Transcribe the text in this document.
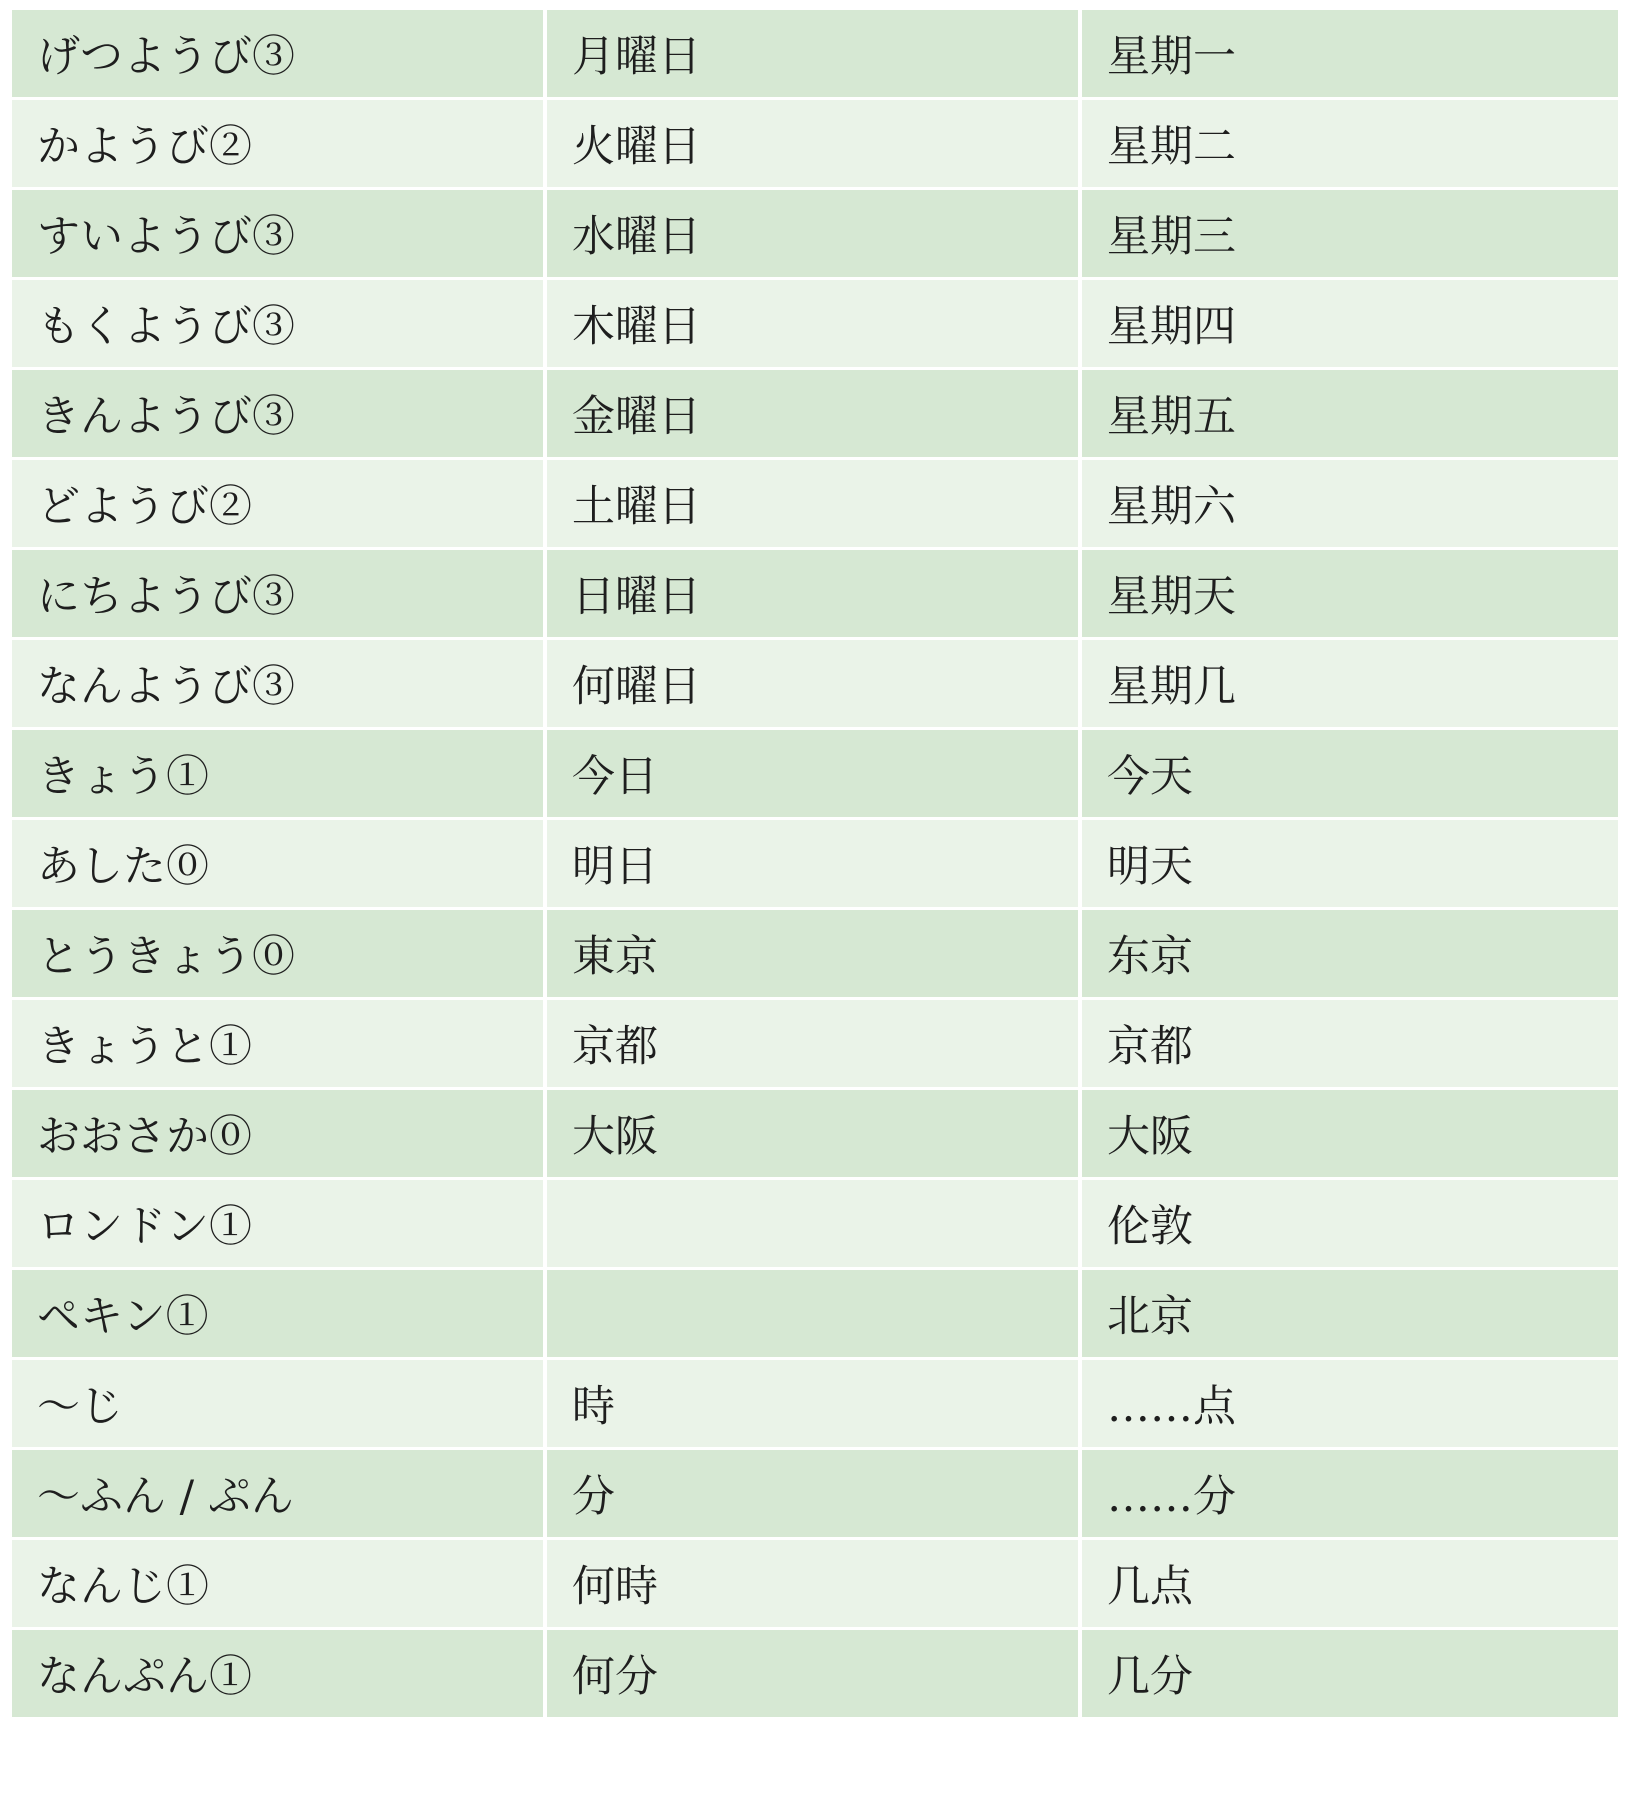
げつようび③	月曜日	星期一
かようび②	火曜日	星期二
すいようび③	水曜日	星期三
もくようび③	木曜日	星期四
きんようび③	金曜日	星期五
どようび②	土曜日	星期六
にちようび③	日曜日	星期天
なんようび③	何曜日	星期几
きょう①	今日	今天
あした⓪	明日	明天
とうきょう⓪	東京	东京
きょうと①	京都	京都
おおさか⓪	大阪	大阪
ロンドン①		伦敦
ペキン①		北京
～じ	時	……点
～ふん / ぷん	分	……分
なんじ①	何時	几点
なんぷん①	何分	几分
